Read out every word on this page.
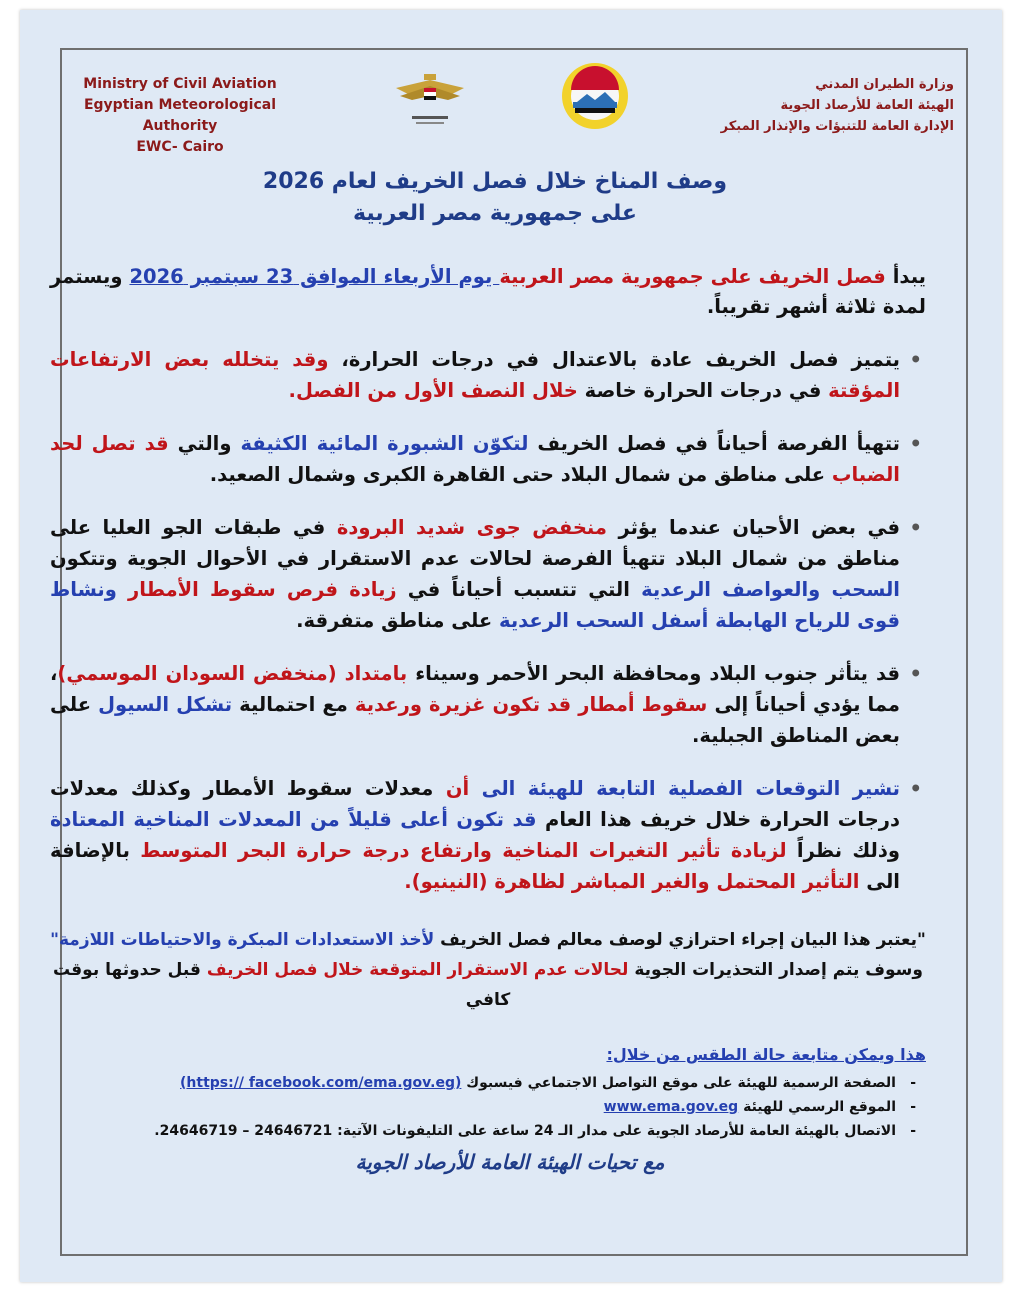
Ministry of Civil Aviation
Egyptian Meteorological Authority
EWC- Cairo
وزارة الطيران المدني
الهيئة العامة للأرصاد الجوية
الإدارة العامة للتنبؤات والإنذار المبكر
وصف المناخ خلال فصل الخريف لعام 2026
على جمهورية مصر العربية
يبدأ فصل الخريف على جمهورية مصر العربية يوم الأربعاء الموافق 23 سبتمبر 2026 ويستمر لمدة ثلاثة أشهر تقريباً.
•
يتميز فصل الخريف عادة بالاعتدال في درجات الحرارة، وقد يتخلله بعض الارتفاعات المؤقتة في درجات الحرارة خاصة خلال النصف الأول من الفصل.
•
تتهيأ الفرصة أحياناً في فصل الخريف لتكوّن الشبورة المائية الكثيفة والتي قد تصل لحد الضباب على مناطق من شمال البلاد حتى القاهرة الكبرى وشمال الصعيد.
•
في بعض الأحيان عندما يؤثر منخفض جوى شديد البرودة في طبقات الجو العليا على مناطق من شمال البلاد تتهيأ الفرصة لحالات عدم الاستقرار في الأحوال الجوية وتتكون السحب والعواصف الرعدية التي تتسبب أحياناً في زيادة فرص سقوط الأمطار ونشاط قوى للرياح الهابطة أسفل السحب الرعدية على مناطق متفرقة.
•
قد يتأثر جنوب البلاد ومحافظة البحر الأحمر وسيناء بامتداد (منخفض السودان الموسمي)، مما يؤدي أحياناً إلى سقوط أمطار قد تكون غزيرة ورعدية مع احتمالية تشكل السيول على بعض المناطق الجبلية.
•
تشير التوقعات الفصلية التابعة للهيئة الى أن معدلات سقوط الأمطار وكذلك معدلات درجات الحرارة خلال خريف هذا العام قد تكون أعلى قليلاً من المعدلات المناخية المعتادة وذلك نظراً لزيادة تأثير التغيرات المناخية وارتفاع درجة حرارة البحر المتوسط بالإضافة الى التأثير المحتمل والغير المباشر لظاهرة (النينيو).
"يعتبر هذا البيان إجراء احترازي لوصف معالم فصل الخريف لأخذ الاستعدادات المبكرة والاحتياطات اللازمة"
وسوف يتم إصدار التحذيرات الجوية لحالات عدم الاستقرار المتوقعة خلال فصل الخريف قبل حدوثها بوقت كافي
هذا ويمكن متابعة حالة الطقس من خلال:
-
الصفحة الرسمية للهيئة على موقع التواصل الاجتماعي فيسبوك (https:// facebook.com/ema.gov.eg)
-
الموقع الرسمي للهيئة www.ema.gov.eg
-
الاتصال بالهيئة العامة للأرصاد الجوية على مدار الـ 24 ساعة على التليفونات الآتية: 24646721 – 24646719.
مع تحيات الهيئة العامة للأرصاد الجوية
